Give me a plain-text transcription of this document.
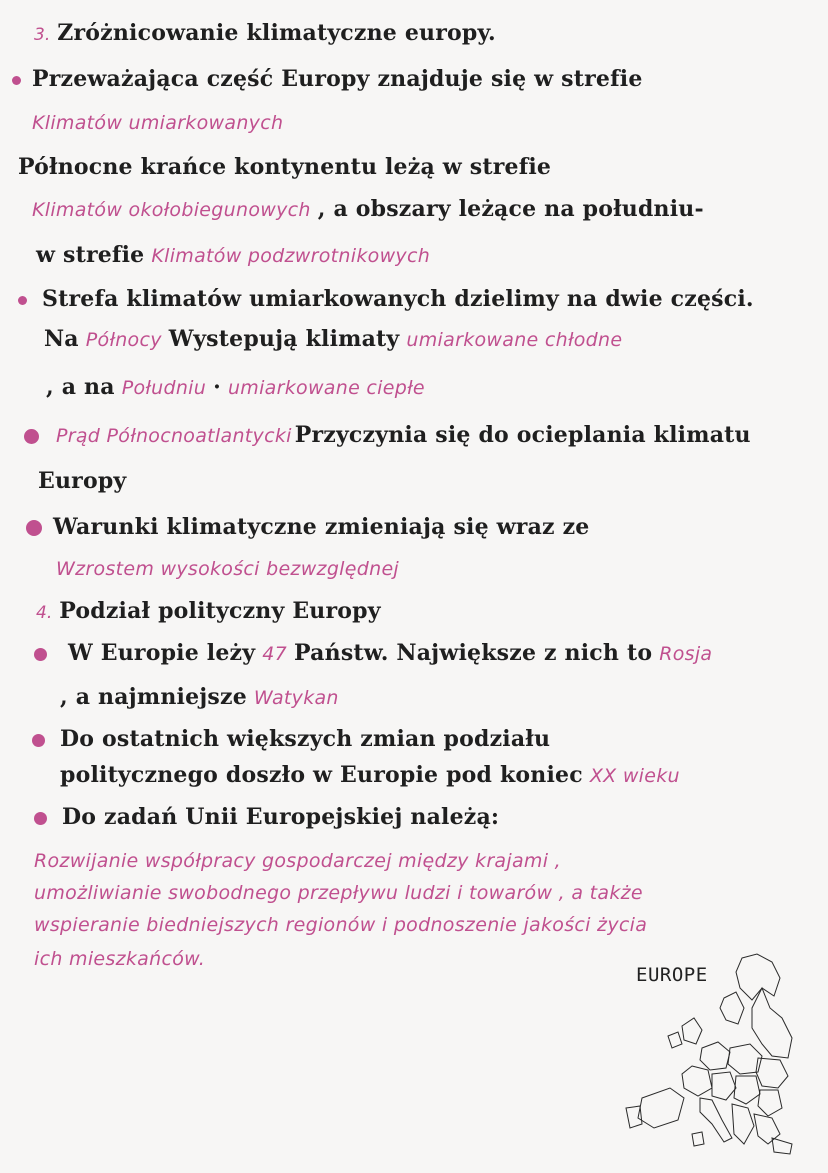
3. Zróżnicowanie klimatyczne europy.
Przeważająca część Europy znajduje się w strefie
Klimatów umiarkowanych
Północne krańce kontynentu leżą w strefie
Klimatów okołobiegunowych , a obszary leżące na południu-
w strefie Klimatów podzwrotnikowych
Strefa klimatów umiarkowanych dzielimy na dwie części.
Na Północy Wystepują klimaty umiarkowane chłodne
, a na Południu · umiarkowane ciepłe
Prąd Północnoatlantycki Przyczynia się do ocieplania klimatu
Europy
Warunki klimatyczne zmieniają się wraz ze
Wzrostem wysokości bezwzględnej
4. Podział polityczny Europy
W Europie leży 47 Państw. Największe z nich to Rosja
, a najmniejsze Watykan
Do ostatnich większych zmian podziału
politycznego doszło w Europie pod koniec XX wieku
Do zadań Unii Europejskiej należą:
Rozwijanie współpracy gospodarczej między krajami ,
umożliwianie swobodnego przepływu ludzi i towarów , a także
wspieranie biedniejszych regionów i podnoszenie jakości życia
ich mieszkańców.
EUROPE
